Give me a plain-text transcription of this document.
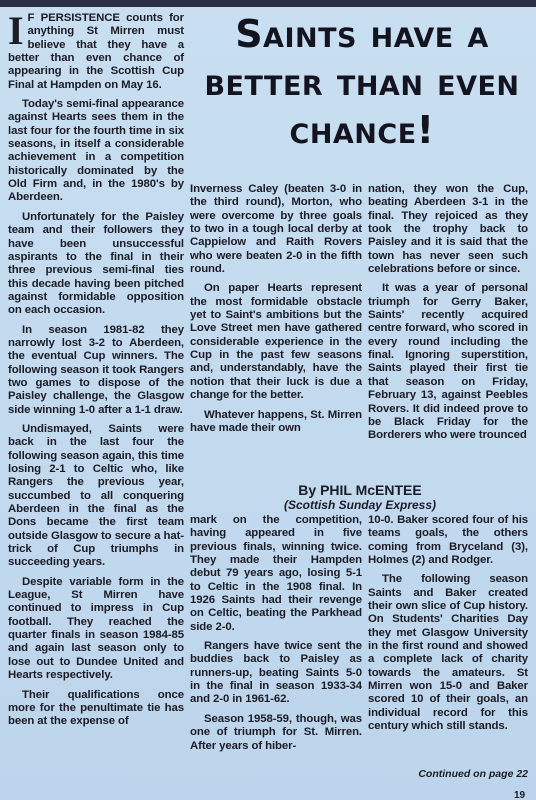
Saints have a better than even chance!

I F PERSISTENCE counts for anything St Mirren must believe that they have a better than even chance of appearing in the Scottish Cup Final at Hampden on May 16.

Today's semi-final appearance against Hearts sees them in the last four for the fourth time in six seasons, in itself a considerable achievement in a competition historically dominated by the Old Firm and, in the 1980's by Aberdeen.

Unfortunately for the Paisley team and their followers they have been unsuccessful aspirants to the final in their three previous semi-final ties this decade having been pitched against formidable opposition on each occasion.

In season 1981-82 they narrowly lost 3-2 to Aberdeen, the eventual Cup winners. The following season it took Rangers two games to dispose of the Paisley challenge, the Glasgow side winning 1-0 after a 1-1 draw.

Undismayed, Saints were back in the last four the following season again, this time losing 2-1 to Celtic who, like Rangers the previous year, succumbed to all conquering Aberdeen in the final as the Dons became the first team outside Glasgow to secure a hat-trick of Cup triumphs in succeeding years.

Despite variable form in the League, St Mirren have continued to impress in Cup football. They reached the quarter finals in season 1984-85 and again last season only to lose out to Dundee United and Hearts respectively.

Their qualifications once more for the penultimate tie has been at the expense of

Inverness Caley (beaten 3-0 in the third round), Morton, who were overcome by three goals to two in a tough local derby at Cappielow and Raith Rovers who were beaten 2-0 in the fifth round.

On paper Hearts represent the most formidable obstacle yet to Saint's ambitions but the Love Street men have gathered considerable experience in the Cup in the past few seasons and, understandably, have the notion that their luck is due a change for the better.

Whatever happens, St. Mirren have made their own

nation, they won the Cup, beating Aberdeen 3-1 in the final. They rejoiced as they took the trophy back to Paisley and it is said that the town has never seen such celebrations before or since.

It was a year of personal triumph for Gerry Baker, Saints' recently acquired centre forward, who scored in every round including the final. Ignoring superstition, Saints played their first tie that season on Friday, February 13, against Peebles Rovers. It did indeed prove to be Black Friday for the Borderers who were trounced

By PHIL McENTEE
(Scottish Sunday Express)

mark on the competition, having appeared in five previous finals, winning twice. They made their Hampden debut 79 years ago, losing 5-1 to Celtic in the 1908 final. In 1926 Saints had their revenge on Celtic, beating the Parkhead side 2-0.

Rangers have twice sent the buddies back to Paisley as runners-up, beating Saints 5-0 in the final in season 1933-34 and 2-0 in 1961-62.

Season 1958-59, though, was one of triumph for St. Mirren. After years of hiber-

10-0. Baker scored four of his teams goals, the others coming from Bryceland (3), Holmes (2) and Rodger.

The following season Saints and Baker created their own slice of Cup history. On Students' Charities Day they met Glasgow University in the first round and showed a complete lack of charity towards the amateurs. St Mirren won 15-0 and Baker scored 10 of their goals, an individual record for this century which still stands.

Continued on page 22
19
